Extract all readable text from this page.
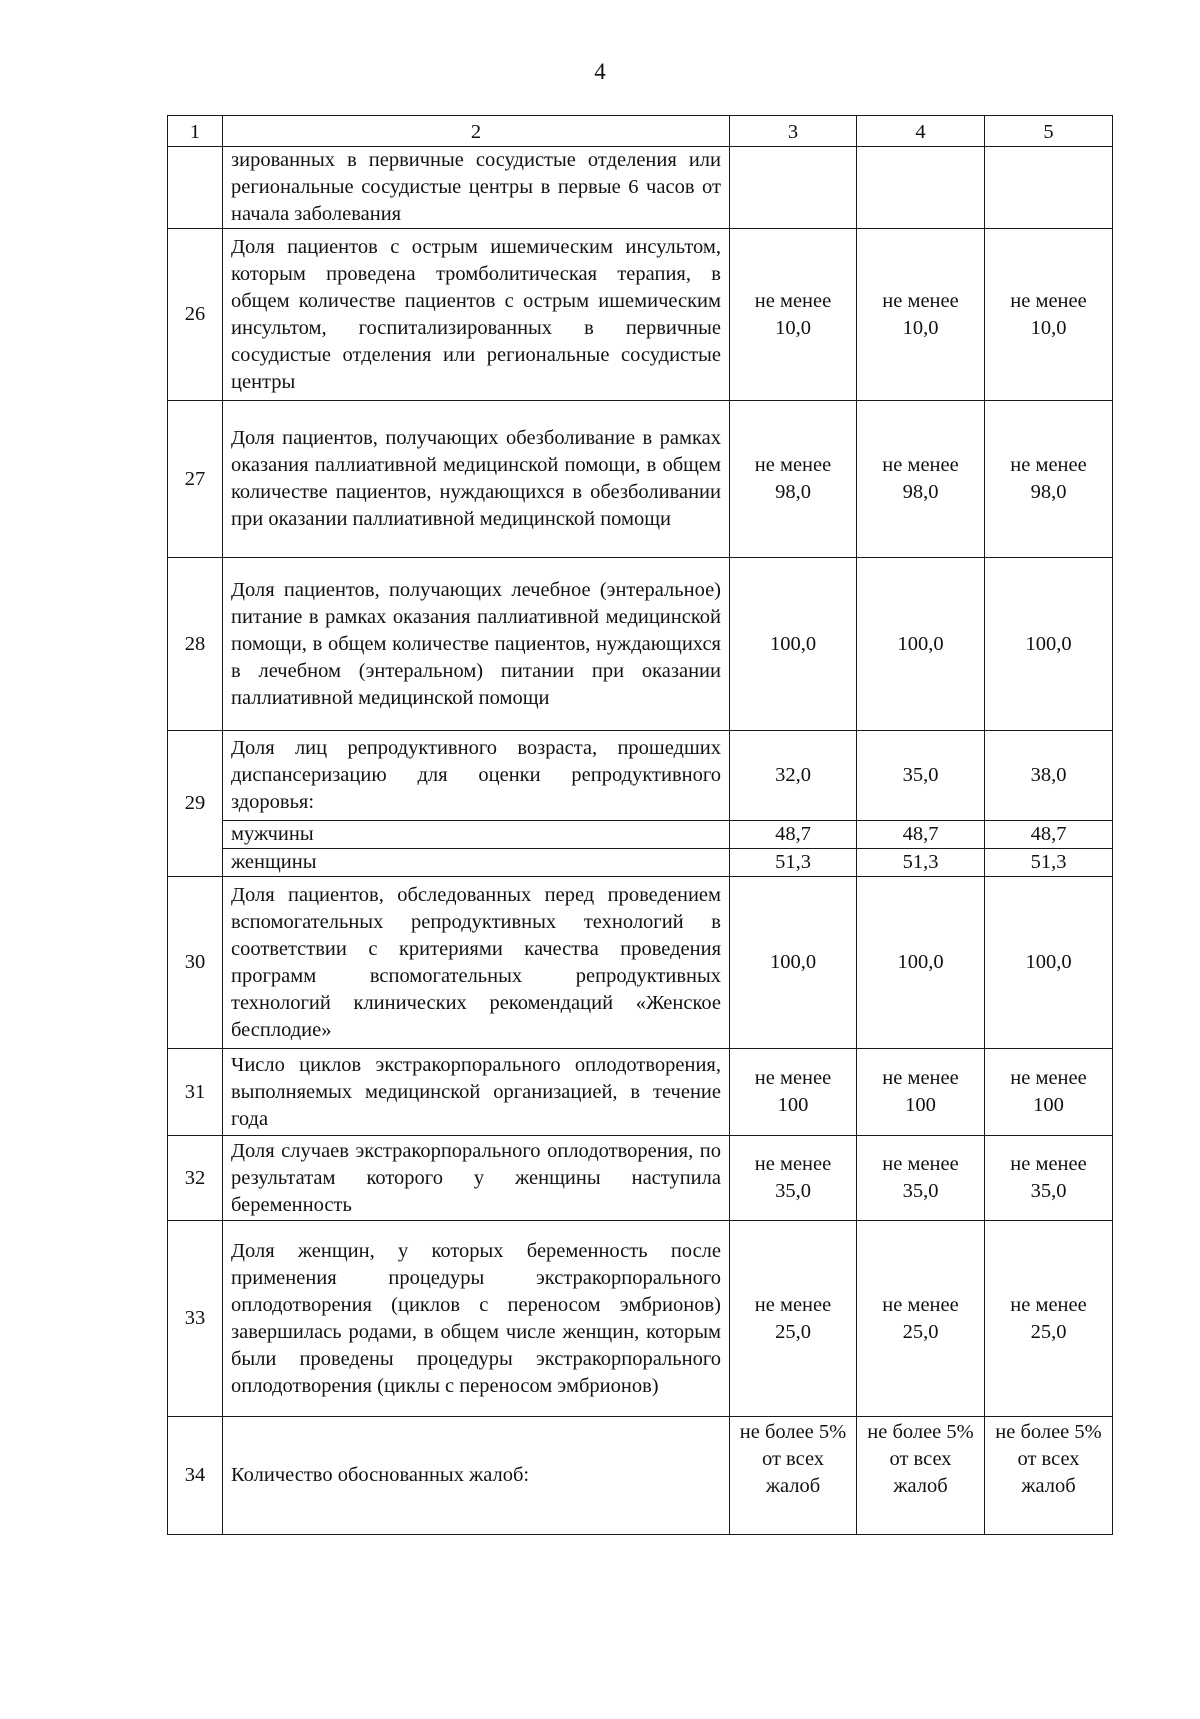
4
1	2	3	4	5
	зированных в первичные сосудистые отделения или региональные сосудистые центры в первые 6 часов от начала заболевания			
26	Доля пациентов с острым ишемическим инсультом, которым проведена тромболитическая терапия, в общем количестве пациентов с острым ишемическим инсультом, госпитализированных в первичные сосудистые отделения или региональные сосудистые центры	не менее 10,0	не менее 10,0	не менее 10,0
27	Доля пациентов, получающих обезболивание в рамках оказания паллиативной медицинской помощи, в общем количестве пациентов, нуждающихся в обезболивании при оказании паллиативной медицинской помощи	не менее 98,0	не менее 98,0	не менее 98,0
28	Доля пациентов, получающих лечебное (энтеральное) питание в рамках оказания паллиативной медицинской помощи, в общем количестве пациентов, нуждающихся в лечебном (энтеральном) питании при оказании паллиативной медицинской помощи	100,0	100,0	100,0
29	Доля лиц репродуктивного возраста, прошедших диспансеризацию для оценки репродуктивного здоровья:	32,0	35,0	38,0
	мужчины	48,7	48,7	48,7
	женщины	51,3	51,3	51,3
30	Доля пациентов, обследованных перед проведением вспомогательных репродуктивных технологий в соответствии с критериями качества проведения программ вспомогательных репродуктивных технологий клинических рекомендаций «Женское бесплодие»	100,0	100,0	100,0
31	Число циклов экстракорпорального оплодотворения, выполняемых медицинской организацией, в течение года	не менее 100	не менее 100	не менее 100
32	Доля случаев экстракорпорального оплодотворения, по результатам которого у женщины наступила беременность	не менее 35,0	не менее 35,0	не менее 35,0
33	Доля женщин, у которых беременность после применения процедуры экстракорпорального оплодотворения (циклов с переносом эмбрионов) завершилась родами, в общем числе женщин, которым были проведены процедуры экстракорпорального оплодотворения (циклы с переносом эмбрионов)	не менее 25,0	не менее 25,0	не менее 25,0
34	Количество обоснованных жалоб:	не более 5% от всех жалоб	не более 5% от всех жалоб	не более 5% от всех жалоб
